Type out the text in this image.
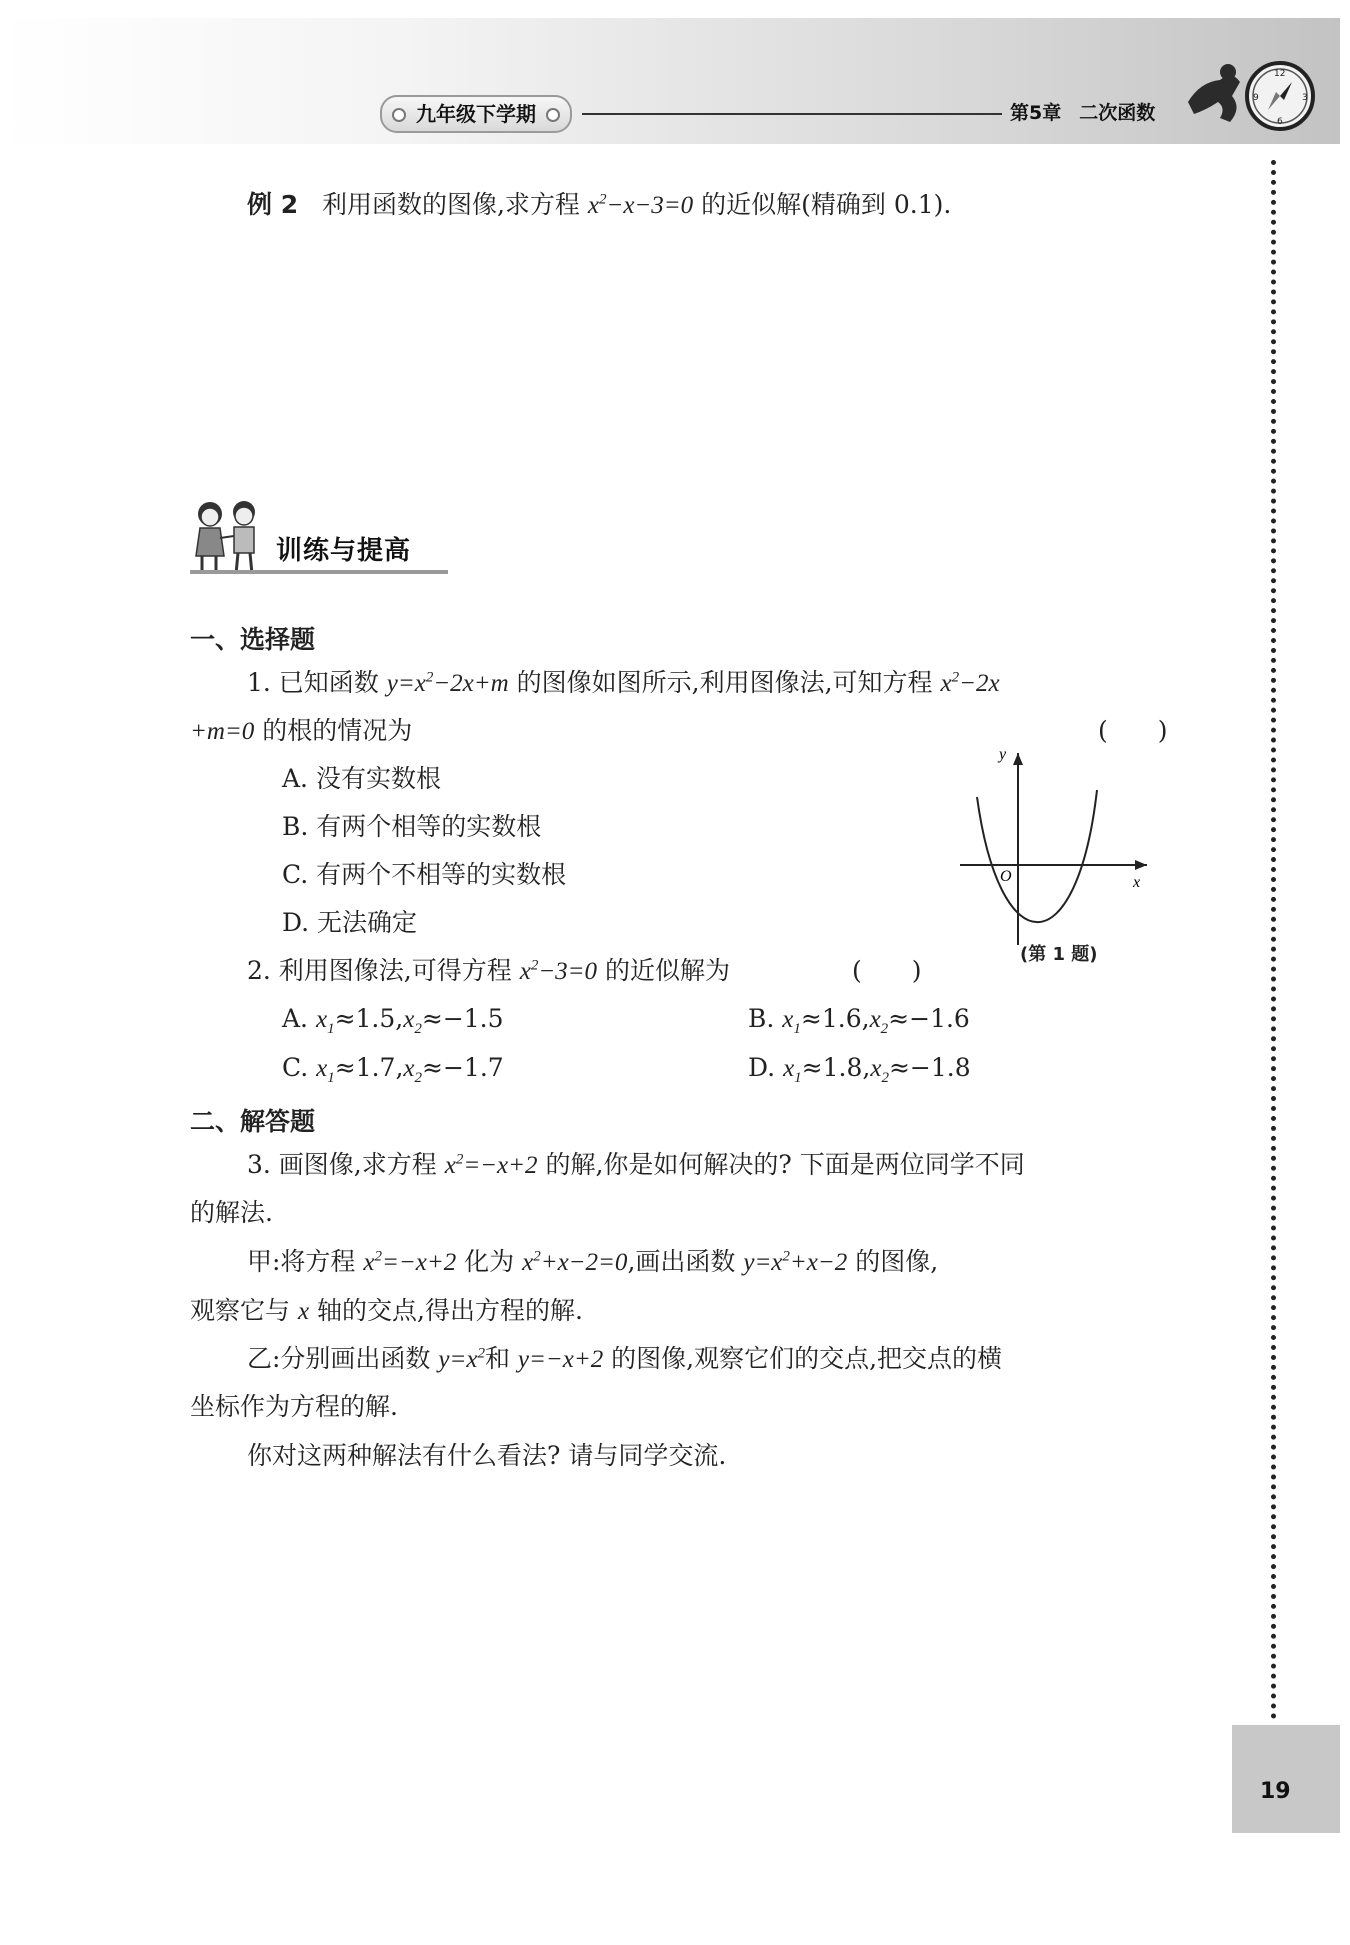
九年级下学期	第5章 二次函数
12
3
6
9
例 2 利用函数的图像,求方程 $x^2-x-3=0$ 的近似解(精确到 0.1).
训练与提高
一、选择题
1. 已知函数 $y=x^2-2x+m$ 的图像如图所示,利用图像法,可知方程 $x^2-2x$
+m=0 的根的情况为	(　　)
A. 没有实数根
B. 有两个相等的实数根
C. 有两个不相等的实数根
D. 无法确定
y
x
O
(第 1 题)
2. 利用图像法,可得方程 $x^2-3=0$ 的近似解为	(　　)
A. $x_1\approx 1.5,x_2\approx-1.5$	B. $x_1\approx 1.6,x_2\approx-1.6$
C. $x_1\approx 1.7,x_2\approx-1.7$	D. $x_1\approx 1.8,x_2\approx-1.8$
二、解答题
3. 画图像,求方程 $x^2=-x+2$ 的解,你是如何解决的? 下面是两位同学不同
的解法.
甲:将方程 $x^2=-x+2$ 化为 $x^2+x-2=0$,画出函数 $y=x^2+x-2$ 的图像,
观察它与 x 轴的交点,得出方程的解.
乙:分别画出函数 $y=x^2$和 y=−x+2 的图像,观察它们的交点,把交点的横
坐标作为方程的解.
你对这两种解法有什么看法? 请与同学交流.
19
